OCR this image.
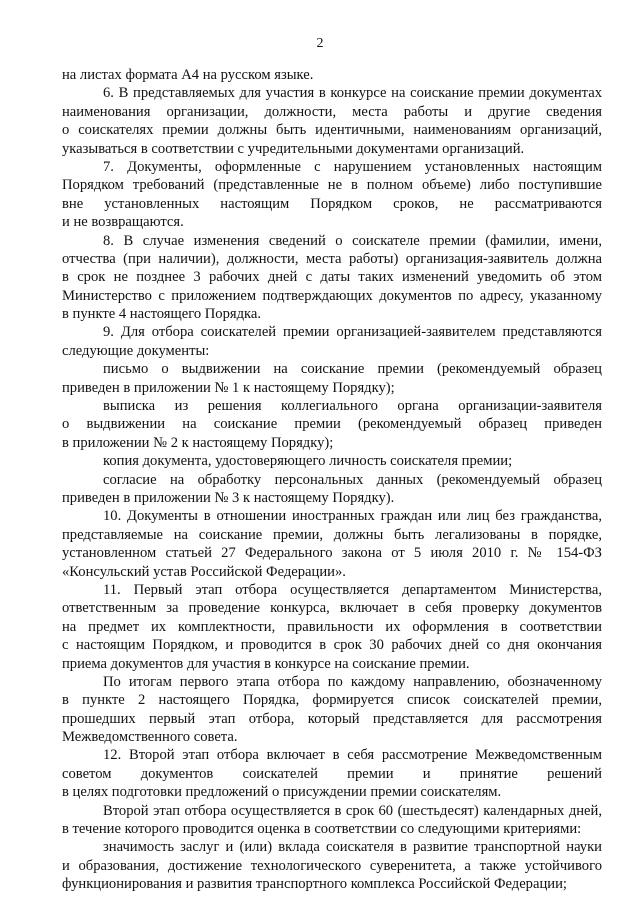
2
на листах формата А4 на русском языке.
6. В представляемых для участия в конкурсе на соискание премии документах
наименования организации, должности, места работы и другие сведения
о соискателях премии должны быть идентичными, наименованиям организаций,
указываться в соответствии с учредительными документами организаций.
7. Документы, оформленные с нарушением установленных настоящим
Порядком требований (представленные не в полном объеме) либо поступившие
вне установленных настоящим Порядком сроков, не рассматриваются
и не возвращаются.
8. В случае изменения сведений о соискателе премии (фамилии, имени,
отчества (при наличии), должности, места работы) организация-заявитель должна
в срок не позднее 3 рабочих дней с даты таких изменений уведомить об этом
Министерство с приложением подтверждающих документов по адресу, указанному
в пункте 4 настоящего Порядка.
9. Для отбора соискателей премии организацией-заявителем представляются
следующие документы:
письмо о выдвижении на соискание премии (рекомендуемый образец
приведен в приложении № 1 к настоящему Порядку);
выписка из решения коллегиального органа организации-заявителя
о выдвижении на соискание премии (рекомендуемый образец приведен
в приложении № 2 к настоящему Порядку);
копия документа, удостоверяющего личность соискателя премии;
согласие на обработку персональных данных (рекомендуемый образец
приведен в приложении № 3 к настоящему Порядку).
10. Документы в отношении иностранных граждан или лиц без гражданства,
представляемые на соискание премии, должны быть легализованы в порядке,
установленном статьей 27 Федерального закона от 5 июля 2010 г. № 154-ФЗ
«Консульский устав Российской Федерации».
11. Первый этап отбора осуществляется департаментом Министерства,
ответственным за проведение конкурса, включает в себя проверку документов
на предмет их комплектности, правильности их оформления в соответствии
с настоящим Порядком, и проводится в срок 30 рабочих дней со дня окончания
приема документов для участия в конкурсе на соискание премии.
По итогам первого этапа отбора по каждому направлению, обозначенному
в пункте 2 настоящего Порядка, формируется список соискателей премии,
прошедших первый этап отбора, который представляется для рассмотрения
Межведомственного совета.
12. Второй этап отбора включает в себя рассмотрение Межведомственным
советом документов соискателей премии и принятие решений
в целях подготовки предложений о присуждении премии соискателям.
Второй этап отбора осуществляется в срок 60 (шестьдесят) календарных дней,
в течение которого проводится оценка в соответствии со следующими критериями:
значимость заслуг и (или) вклада соискателя в развитие транспортной науки
и образования, достижение технологического суверенитета, а также устойчивого
функционирования и развития транспортного комплекса Российской Федерации;
